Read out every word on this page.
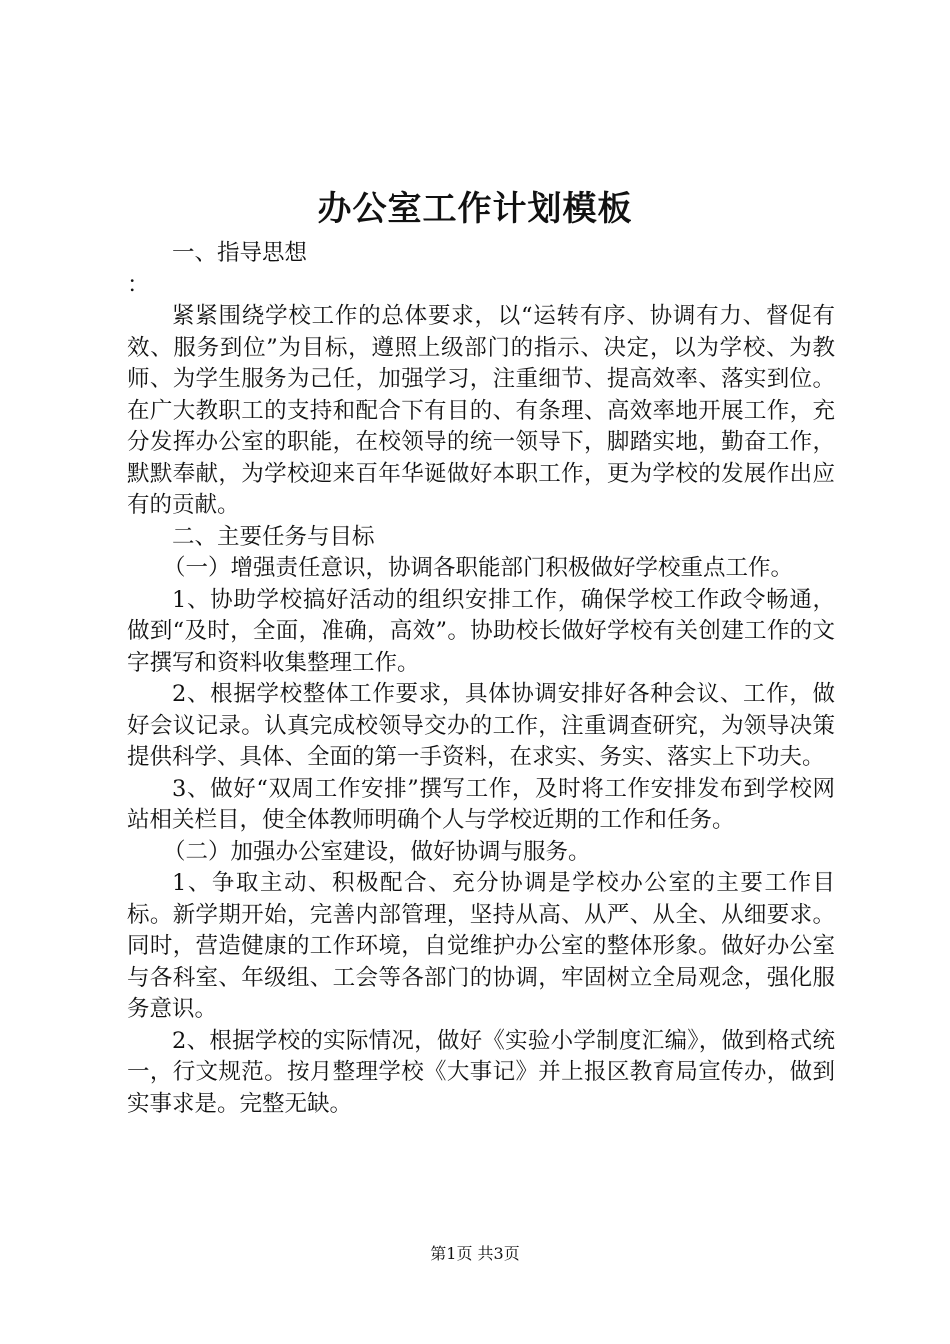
办公室工作计划模板

一、指导思想

：

紧紧围绕学校工作的总体要求，以“运转有序、协调有力、督促有效、服务到位”为目标，遵照上级部门的指示、决定，以为学校、为教师、为学生服务为己任，加强学习，注重细节、提高效率、落实到位。在广大教职工的支持和配合下有目的、有条理、高效率地开展工作，充分发挥办公室的职能，在校领导的统一领导下，脚踏实地，勤奋工作，默默奉献，为学校迎来百年华诞做好本职工作，更为学校的发展作出应有的贡献。

二、主要任务与目标

（一）增强责任意识，协调各职能部门积极做好学校重点工作。

1、协助学校搞好活动的组织安排工作，确保学校工作政令畅通，做到“及时，全面，准确，高效”。协助校长做好学校有关创建工作的文字撰写和资料收集整理工作。

2、根据学校整体工作要求，具体协调安排好各种会议、工作，做好会议记录。认真完成校领导交办的工作，注重调查研究，为领导决策提供科学、具体、全面的第一手资料，在求实、务实、落实上下功夫。

3、做好“双周工作安排”撰写工作，及时将工作安排发布到学校网站相关栏目，使全体教师明确个人与学校近期的工作和任务。

（二）加强办公室建设，做好协调与服务。

1、争取主动、积极配合、充分协调是学校办公室的主要工作目标。新学期开始，完善内部管理，坚持从高、从严、从全、从细要求。同时，营造健康的工作环境，自觉维护办公室的整体形象。做好办公室与各科室、年级组、工会等各部门的协调，牢固树立全局观念，强化服务意识。

2、根据学校的实际情况，做好《实验小学制度汇编》，做到格式统一，行文规范。按月整理学校《大事记》并上报区教育局宣传办，做到实事求是。完整无缺。

第1页 共3页
